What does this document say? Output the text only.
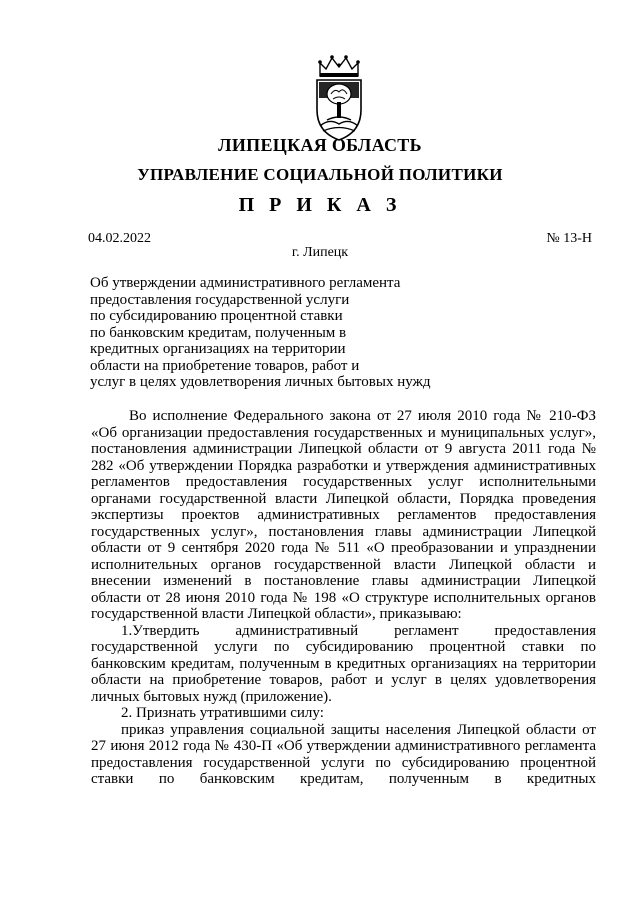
ЛИПЕЦКАЯ ОБЛАСТЬ
УПРАВЛЕНИЕ СОЦИАЛЬНОЙ ПОЛИТИКИ
П Р И К А З
04.02.2022	№ 13-Н
г. Липецк
Об утверждении административного регламента
предоставления государственной услуги
по субсидированию процентной ставки
по банковским кредитам, полученным в
кредитных организациях на территории
области на приобретение товаров, работ и
услуг в целях удовлетворения личных бытовых нужд
Во исполнение Федерального закона от 27 июля 2010 года № 210-ФЗ «Об организации предоставления государственных и муниципальных услуг», постановления администрации Липецкой области от 9 августа 2011 года № 282 «Об утверждении Порядка разработки и утверждения административных регламентов предоставления государственных услуг исполнительными органами государственной власти Липецкой области, Порядка проведения экспертизы проектов административных регламентов предоставления государственных услуг», постановления главы администрации Липецкой области от 9 сентября 2020 года № 511 «О преобразовании и упразднении исполнительных органов государственной власти Липецкой области и внесении изменений в постановление главы администрации Липецкой области от 28 июня 2010 года № 198 «О структуре исполнительных органов государственной власти Липецкой области», приказываю:
1.Утвердить административный регламент предоставления государственной услуги по субсидированию процентной ставки по банковским кредитам, полученным в кредитных организациях на территории области на приобретение товаров, работ и услуг в целях удовлетворения личных бытовых нужд (приложение).
2. Признать утратившими силу:
приказ управления социальной защиты населения Липецкой области от 27 июня 2012 года № 430-П «Об утверждении административного регламента предоставления государственной услуги по субсидированию процентной ставки по банковским кредитам, полученным в кредитных
